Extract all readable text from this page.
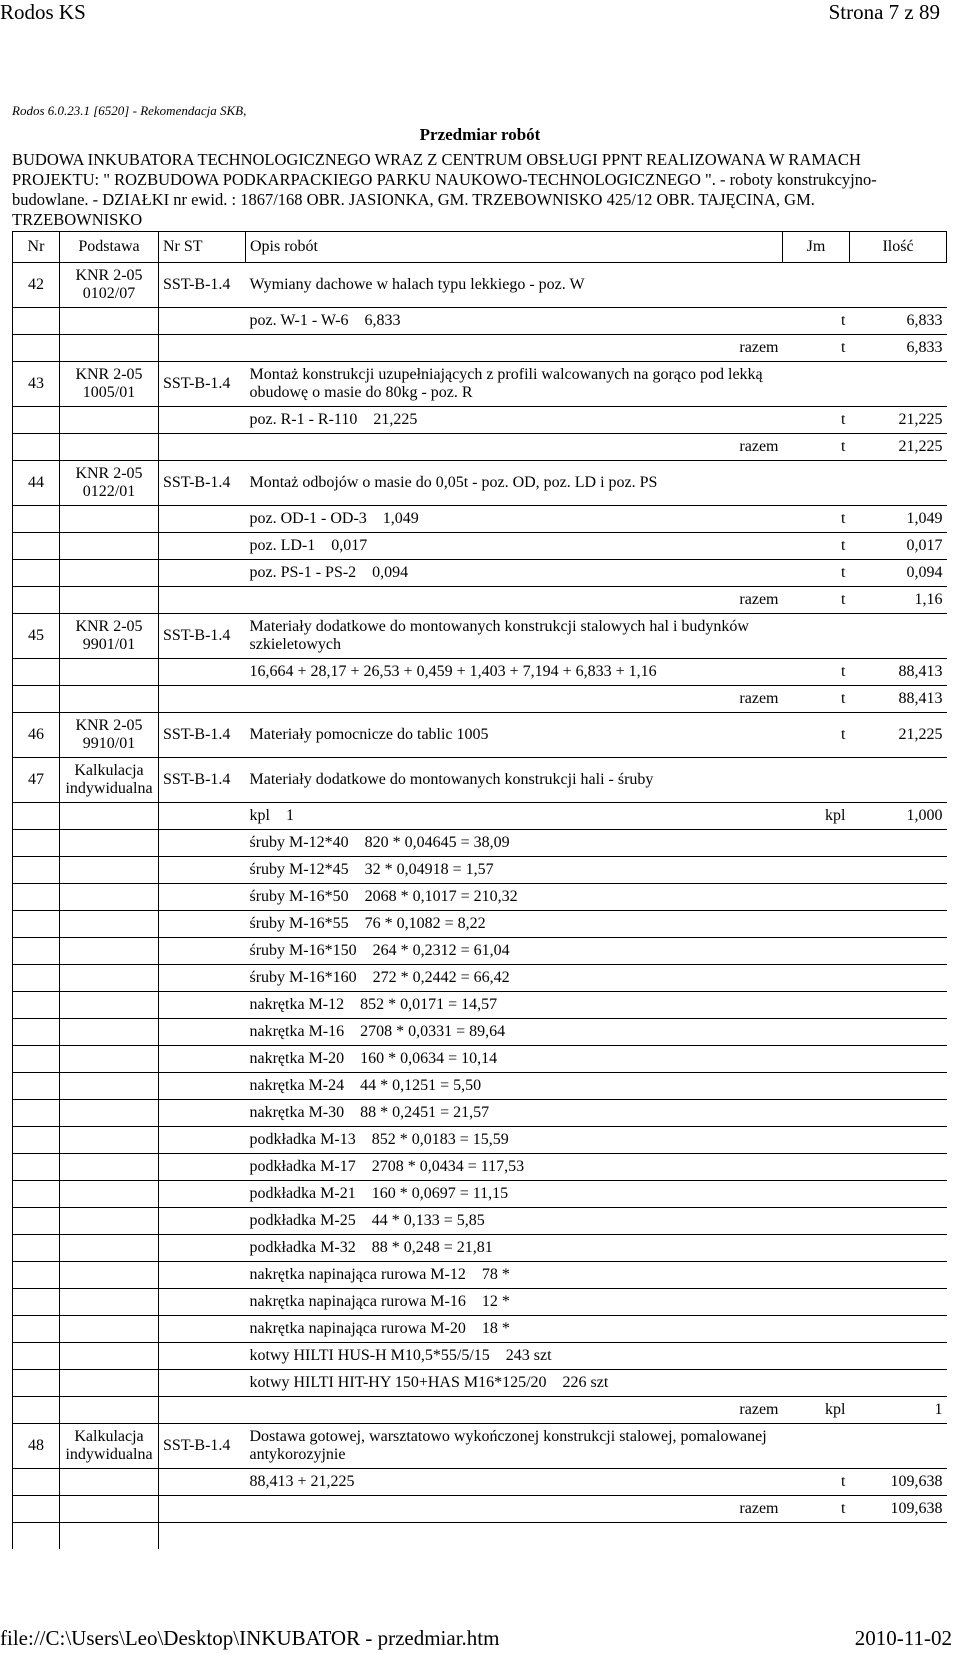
Rodos KS	Strona 7 z 89
Rodos 6.0.23.1 [6520] - Rekomendacja SKB,
Przedmiar robót
BUDOWA INKUBATORA TECHNOLOGICZNEGO WRAZ Z CENTRUM OBSŁUGI PPNT REALIZOWANA W RAMACH PROJEKTU: " ROZBUDOWA PODKARPACKIEGO PARKU NAUKOWO-TECHNOLOGICZNEGO ". - roboty konstrukcyjno-budowlane. - DZIAŁKI nr ewid. : 1867/168 OBR. JASIONKA, GM. TRZEBOWNISKO 425/12 OBR. TAJĘCINA, GM. TRZEBOWNISKO
Nr	Podstawa	Nr ST	Opis robót	Jm	Ilość
42	KNR 2-05 0102/07	SST-B-1.4	Wymiany dachowe w halach typu lekkiego - poz. W		
			poz. W-1 - W-6    6,833	t	6,833
			razem	t	6,833
43	KNR 2-05 1005/01	SST-B-1.4	Montaż konstrukcji uzupełniających z profili walcowanych na gorąco pod lekką obudowę o masie do 80kg - poz. R		
			poz. R-1 - R-110    21,225	t	21,225
			razem	t	21,225
44	KNR 2-05 0122/01	SST-B-1.4	Montaż odbojów o masie do 0,05t - poz. OD, poz. LD i poz. PS		
			poz. OD-1 - OD-3    1,049	t	1,049
			poz. LD-1    0,017	t	0,017
			poz. PS-1 - PS-2    0,094	t	0,094
			razem	t	1,16
45	KNR 2-05 9901/01	SST-B-1.4	Materiały dodatkowe do montowanych konstrukcji stalowych hal i budynków szkieletowych		
			16,664 + 28,17 + 26,53 + 0,459 + 1,403 + 7,194 + 6,833 + 1,16	t	88,413
			razem	t	88,413
46	KNR 2-05 9910/01	SST-B-1.4	Materiały pomocnicze do tablic 1005	t	21,225
47	Kalkulacja indywidualna	SST-B-1.4	Materiały dodatkowe do montowanych konstrukcji hali - śruby		
			kpl    1	kpl	1,000
			śruby M-12*40    820 * 0,04645 = 38,09		
			śruby M-12*45    32 * 0,04918 = 1,57		
			śruby M-16*50    2068 * 0,1017 = 210,32		
			śruby M-16*55    76 * 0,1082 = 8,22		
			śruby M-16*150    264 * 0,2312 = 61,04		
			śruby M-16*160    272 * 0,2442 = 66,42		
			nakrętka M-12    852 * 0,0171 = 14,57		
			nakrętka M-16    2708 * 0,0331 = 89,64		
			nakrętka M-20    160 * 0,0634 = 10,14		
			nakrętka M-24    44 * 0,1251 = 5,50		
			nakrętka M-30    88 * 0,2451 = 21,57		
			podkładka M-13    852 * 0,0183 = 15,59		
			podkładka M-17    2708 * 0,0434 = 117,53		
			podkładka M-21    160 * 0,0697 = 11,15		
			podkładka M-25    44 * 0,133 = 5,85		
			podkładka M-32    88 * 0,248 = 21,81		
			nakrętka napinająca rurowa M-12    78 *		
			nakrętka napinająca rurowa M-16    12 *		
			nakrętka napinająca rurowa M-20    18 *		
			kotwy HILTI HUS-H M10,5*55/5/15    243 szt		
			kotwy HILTI HIT-HY 150+HAS M16*125/20    226 szt		
			razem	kpl	1
48	Kalkulacja indywidualna	SST-B-1.4	Dostawa gotowej, warsztatowo wykończonej konstrukcji stalowej, pomalowanej antykorozyjnie		
			88,413 + 21,225	t	109,638
			razem	t	109,638

file://C:\Users\Leo\Desktop\INKUBATOR - przedmiar.htm	2010-11-02
